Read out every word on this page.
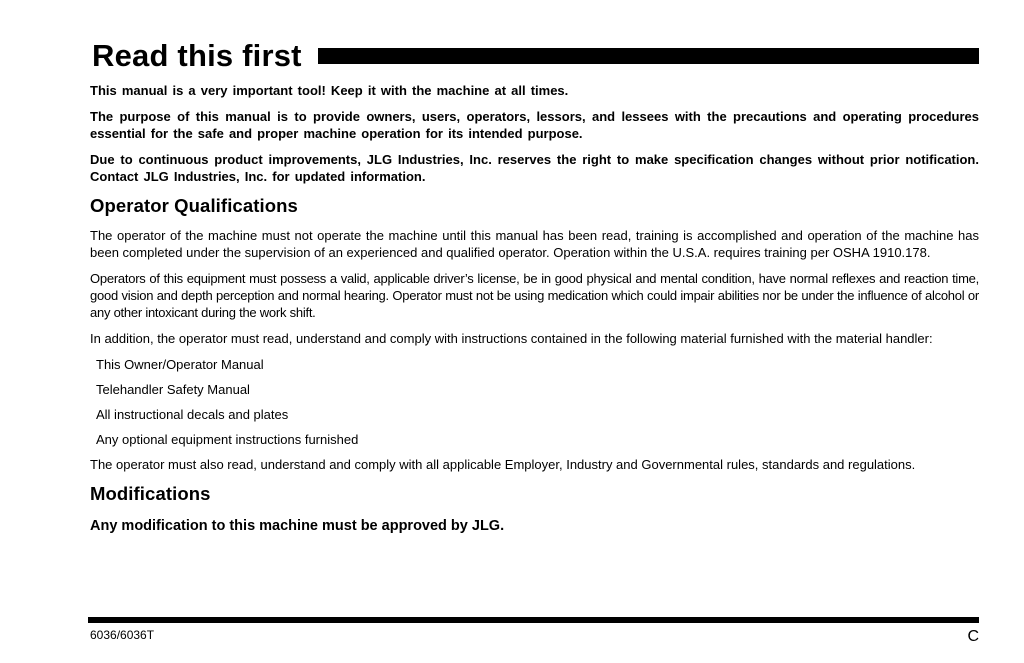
Read this first

This manual is a very important tool! Keep it with the machine at all times.

The purpose of this manual is to provide owners, users, operators, lessors, and lessees with the precautions and operating procedures essential for the safe and proper machine operation for its intended purpose.

Due to continuous product improvements, JLG Industries, Inc. reserves the right to make specification changes without prior notification. Contact JLG Industries, Inc. for updated information.

Operator Qualifications

The operator of the machine must not operate the machine until this manual has been read, training is accomplished and operation of the machine has been completed under the supervision of an experienced and qualified operator. Operation within the U.S.A. requires training per OSHA 1910.178.

Operators of this equipment must possess a valid, applicable driver’s license, be in good physical and mental condition, have normal reflexes and reaction time, good vision and depth perception and normal hearing. Operator must not be using medication which could impair abilities nor be under the influence of alcohol or any other intoxicant during the work shift.

In addition, the operator must read, understand and comply with instructions contained in the following material furnished with the material handler:

This Owner/Operator Manual
Telehandler Safety Manual
All instructional decals and plates
Any optional equipment instructions furnished

The operator must also read, understand and comply with all applicable Employer, Industry and Governmental rules, standards and regulations.

Modifications

Any modification to this machine must be approved by JLG.

6036/6036T	C
